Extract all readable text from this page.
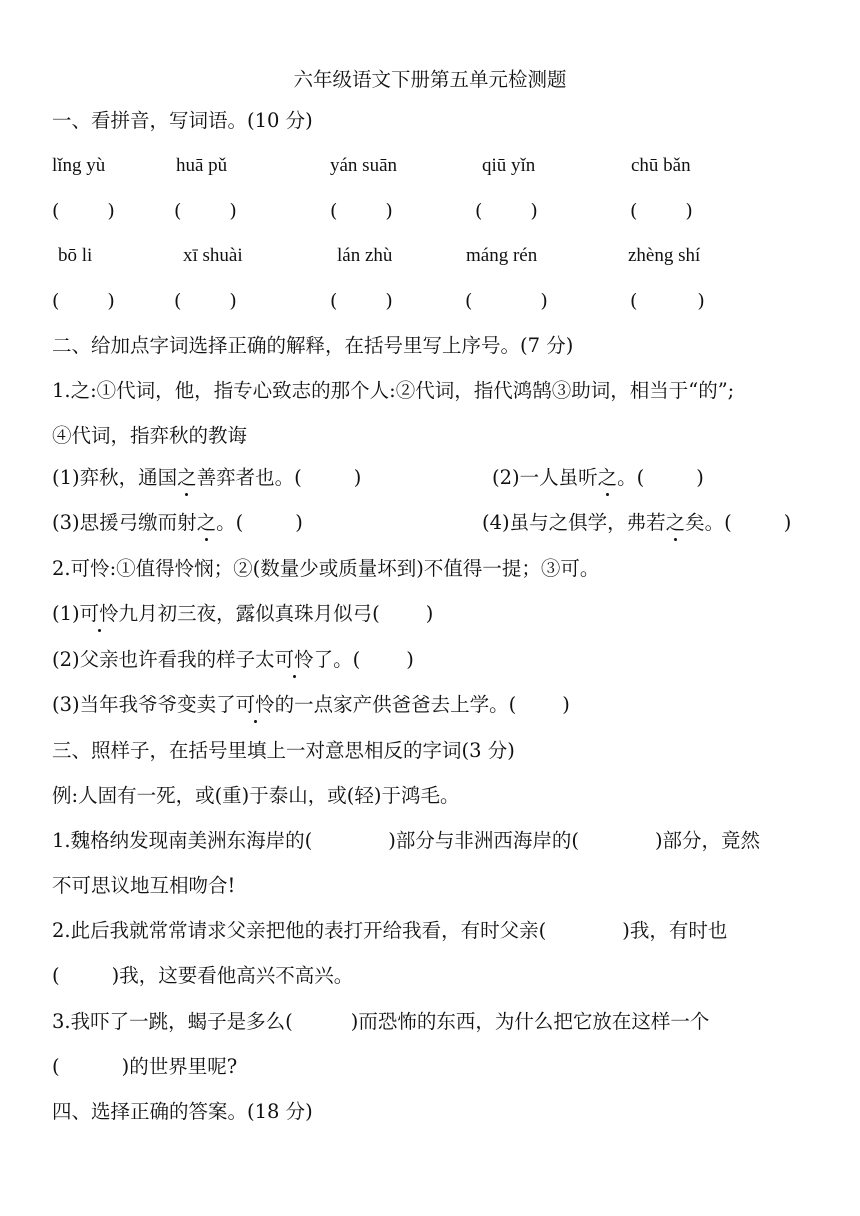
六年级语文下册第五单元检测题
一、看拼音，写词语。(10 分)
lǐng yù	huā pǔ	yán suān	qiū yǐn	chū bǎn
(	)	(	)	(	)	(	)	(	)
bō li	xī shuài	lán zhù	máng rén	zhèng shí
(	)	(	)	(	)	(	)	(	)
二、给加点字词选择正确的解释，在括号里写上序号。(7 分)
1.之:①代词，他，指专心致志的那个人:②代词，指代鸿鹄③助词，相当于“的”;
④代词，指弈秋的教诲
(1)弈秋，通国之善弈者也。(	)	(2)一人虽听之。(	)
(3)思援弓缴而射之。(	)	(4)虽与之俱学，弗若之矣。(	)
2.可怜:①值得怜悯；②(数量少或质量坏到)不值得一提；③可。
(1)可怜九月初三夜，露似真珠月似弓( )
(2)父亲也许看我的样子太可怜了。( )
(3)当年我爷爷变卖了可怜的一点家产供爸爸去上学。( )
三、照样子，在括号里填上一对意思相反的字词(3 分)
例:人固有一死，或(重)于泰山，或(轻)于鸿毛。
1.魏格纳发现南美洲东海岸的(	)部分与非洲西海岸的(	)部分，竟然
不可思议地互相吻合!
2.此后我就常常请求父亲把他的表打开给我看，有时父亲(	)我，有时也
(	)我，这要看他高兴不高兴。
3.我吓了一跳，蝎子是多么(	)而恐怖的东西，为什么把它放在这样一个
(	)的世界里呢?
四、选择正确的答案。(18 分)
